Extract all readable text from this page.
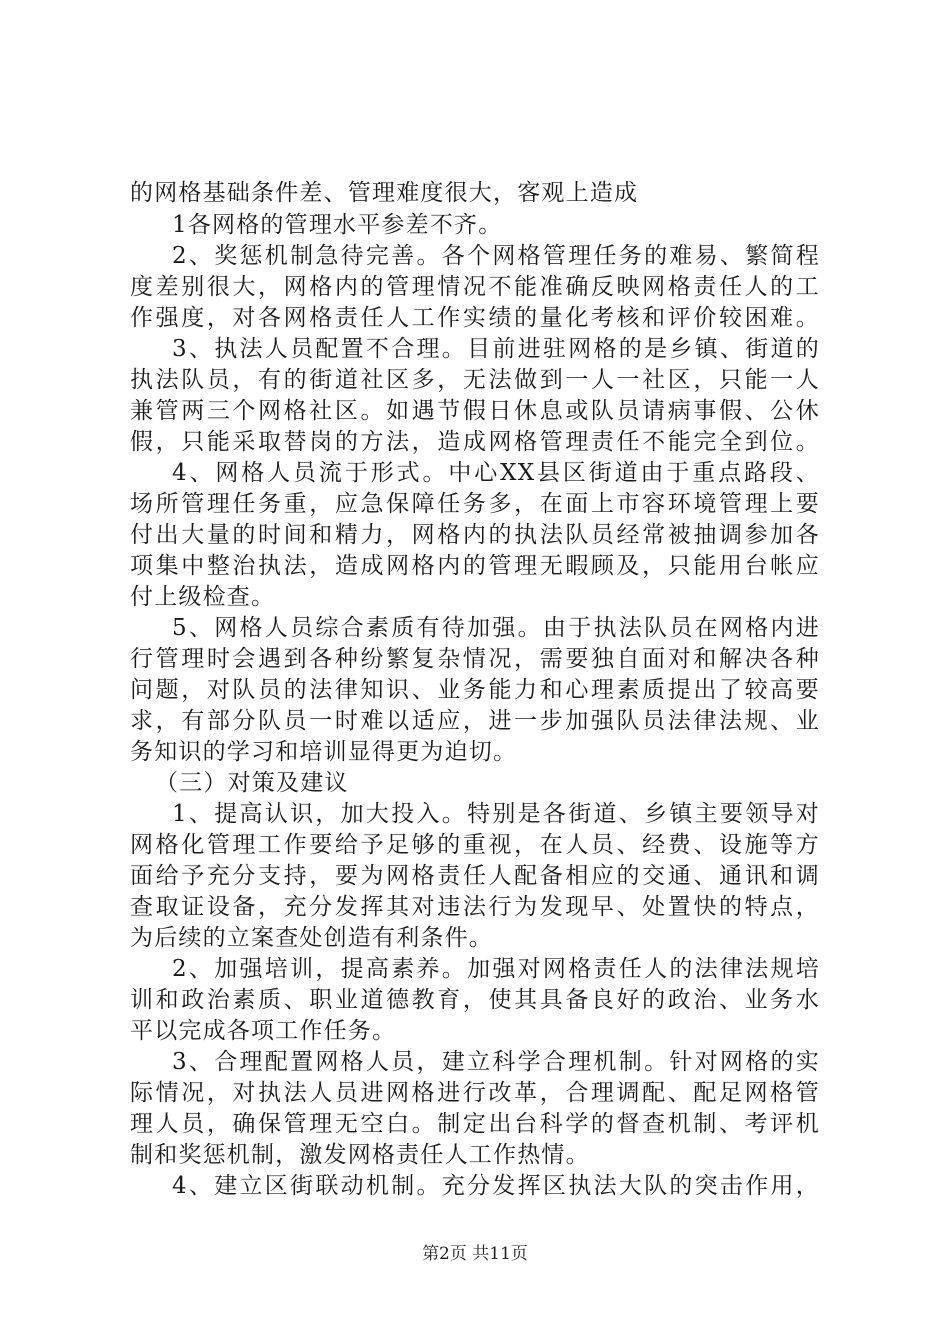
的网格基础条件差、管理难度很大，客观上造成
1各网格的管理水平参差不齐。
2、奖惩机制急待完善。各个网格管理任务的难易、繁简程
度差别很大，网格内的管理情况不能准确反映网格责任人的工
作强度，对各网格责任人工作实绩的量化考核和评价较困难。
3、执法人员配置不合理。目前进驻网格的是乡镇、街道的
执法队员，有的街道社区多，无法做到一人一社区，只能一人
兼管两三个网格社区。如遇节假日休息或队员请病事假、公休
假，只能采取替岗的方法，造成网格管理责任不能完全到位。
4、网格人员流于形式。中心XX县区街道由于重点路段、
场所管理任务重，应急保障任务多，在面上市容环境管理上要
付出大量的时间和精力，网格内的执法队员经常被抽调参加各
项集中整治执法，造成网格内的管理无暇顾及，只能用台帐应
付上级检查。
5、网格人员综合素质有待加强。由于执法队员在网格内进
行管理时会遇到各种纷繁复杂情况，需要独自面对和解决各种
问题，对队员的法律知识、业务能力和心理素质提出了较高要
求，有部分队员一时难以适应，进一步加强队员法律法规、业
务知识的学习和培训显得更为迫切。
（三）对策及建议
1、提高认识，加大投入。特别是各街道、乡镇主要领导对
网格化管理工作要给予足够的重视，在人员、经费、设施等方
面给予充分支持，要为网格责任人配备相应的交通、通讯和调
查取证设备，充分发挥其对违法行为发现早、处置快的特点，
为后续的立案查处创造有利条件。
2、加强培训，提高素养。加强对网格责任人的法律法规培
训和政治素质、职业道德教育，使其具备良好的政治、业务水
平以完成各项工作任务。
3、合理配置网格人员，建立科学合理机制。针对网格的实
际情况，对执法人员进网格进行改革，合理调配、配足网格管
理人员，确保管理无空白。制定出台科学的督查机制、考评机
制和奖惩机制，激发网格责任人工作热情。
4、建立区街联动机制。充分发挥区执法大队的突击作用，
第2页 共11页
